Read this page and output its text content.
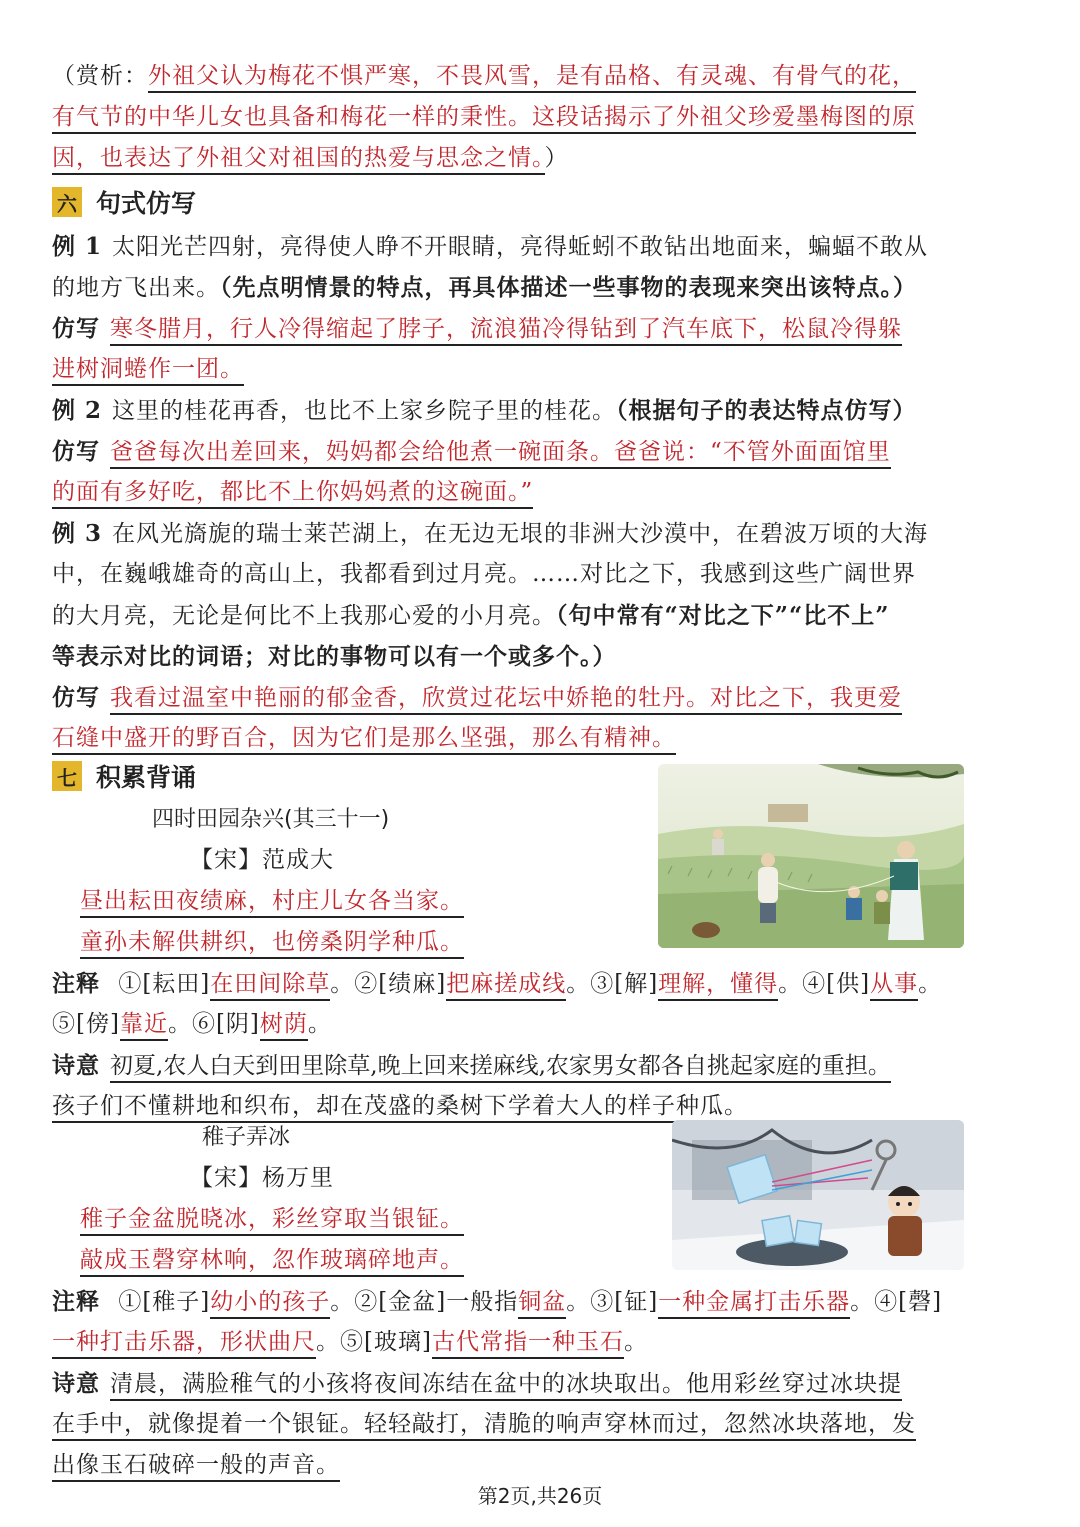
（赏析：外祖父认为梅花不惧严寒，不畏风雪，是有品格、有灵魂、有骨气的花，
有气节的中华儿女也具备和梅花一样的秉性。这段话揭示了外祖父珍爱墨梅图的原
因，也表达了外祖父对祖国的热爱与思念之情。）
六 句式仿写
例 1 太阳光芒四射，亮得使人睁不开眼睛，亮得蚯蚓不敢钻出地面来，蝙蝠不敢从
的地方飞出来。（先点明情景的特点，再具体描述一些事物的表现来突出该特点。）
仿写 寒冬腊月，行人冷得缩起了脖子，流浪猫冷得钻到了汽车底下，松鼠冷得躲
进树洞蜷作一团。
例 2 这里的桂花再香，也比不上家乡院子里的桂花。（根据句子的表达特点仿写）
仿写 爸爸每次出差回来，妈妈都会给他煮一碗面条。爸爸说：“不管外面面馆里
的面有多好吃，都比不上你妈妈煮的这碗面。”
例 3 在风光旖旎的瑞士莱芒湖上，在无边无垠的非洲大沙漠中，在碧波万顷的大海
中，在巍峨雄奇的高山上，我都看到过月亮。……对比之下，我感到这些广阔世界
的大月亮，无论是何比不上我那心爱的小月亮。（句中常有“对比之下”“比不上”
等表示对比的词语；对比的事物可以有一个或多个。）
仿写 我看过温室中艳丽的郁金香，欣赏过花坛中娇艳的牡丹。对比之下，我更爱
石缝中盛开的野百合，因为它们是那么坚强，那么有精神。
七 积累背诵
四时田园杂兴(其三十一)
【宋】范成大
昼出耘田夜绩麻，村庄儿女各当家。
童孙未解供耕织，也傍桑阴学种瓜。
注释 ①[耘田]在田间除草。②[绩麻]把麻搓成线。③[解]理解，懂得。④[供]从事。
⑤[傍]靠近。⑥[阴]树荫。
诗意 初夏,农人白天到田里除草,晚上回来搓麻线,农家男女都各自挑起家庭的重担。
孩子们不懂耕地和织布，却在茂盛的桑树下学着大人的样子种瓜。
稚子弄冰
【宋】杨万里
稚子金盆脱晓冰，彩丝穿取当银钲。
敲成玉磬穿林响，忽作玻璃碎地声。
注释 ①[稚子]幼小的孩子。②[金盆]一般指铜盆。③[钲]一种金属打击乐器。④[磬]
一种打击乐器，形状曲尺。⑤[玻璃]古代常指一种玉石。
诗意 清晨，满脸稚气的小孩将夜间冻结在盆中的冰块取出。他用彩丝穿过冰块提
在手中，就像提着一个银钲。轻轻敲打，清脆的响声穿林而过，忽然冰块落地，发
出像玉石破碎一般的声音。
第2页,共26页
